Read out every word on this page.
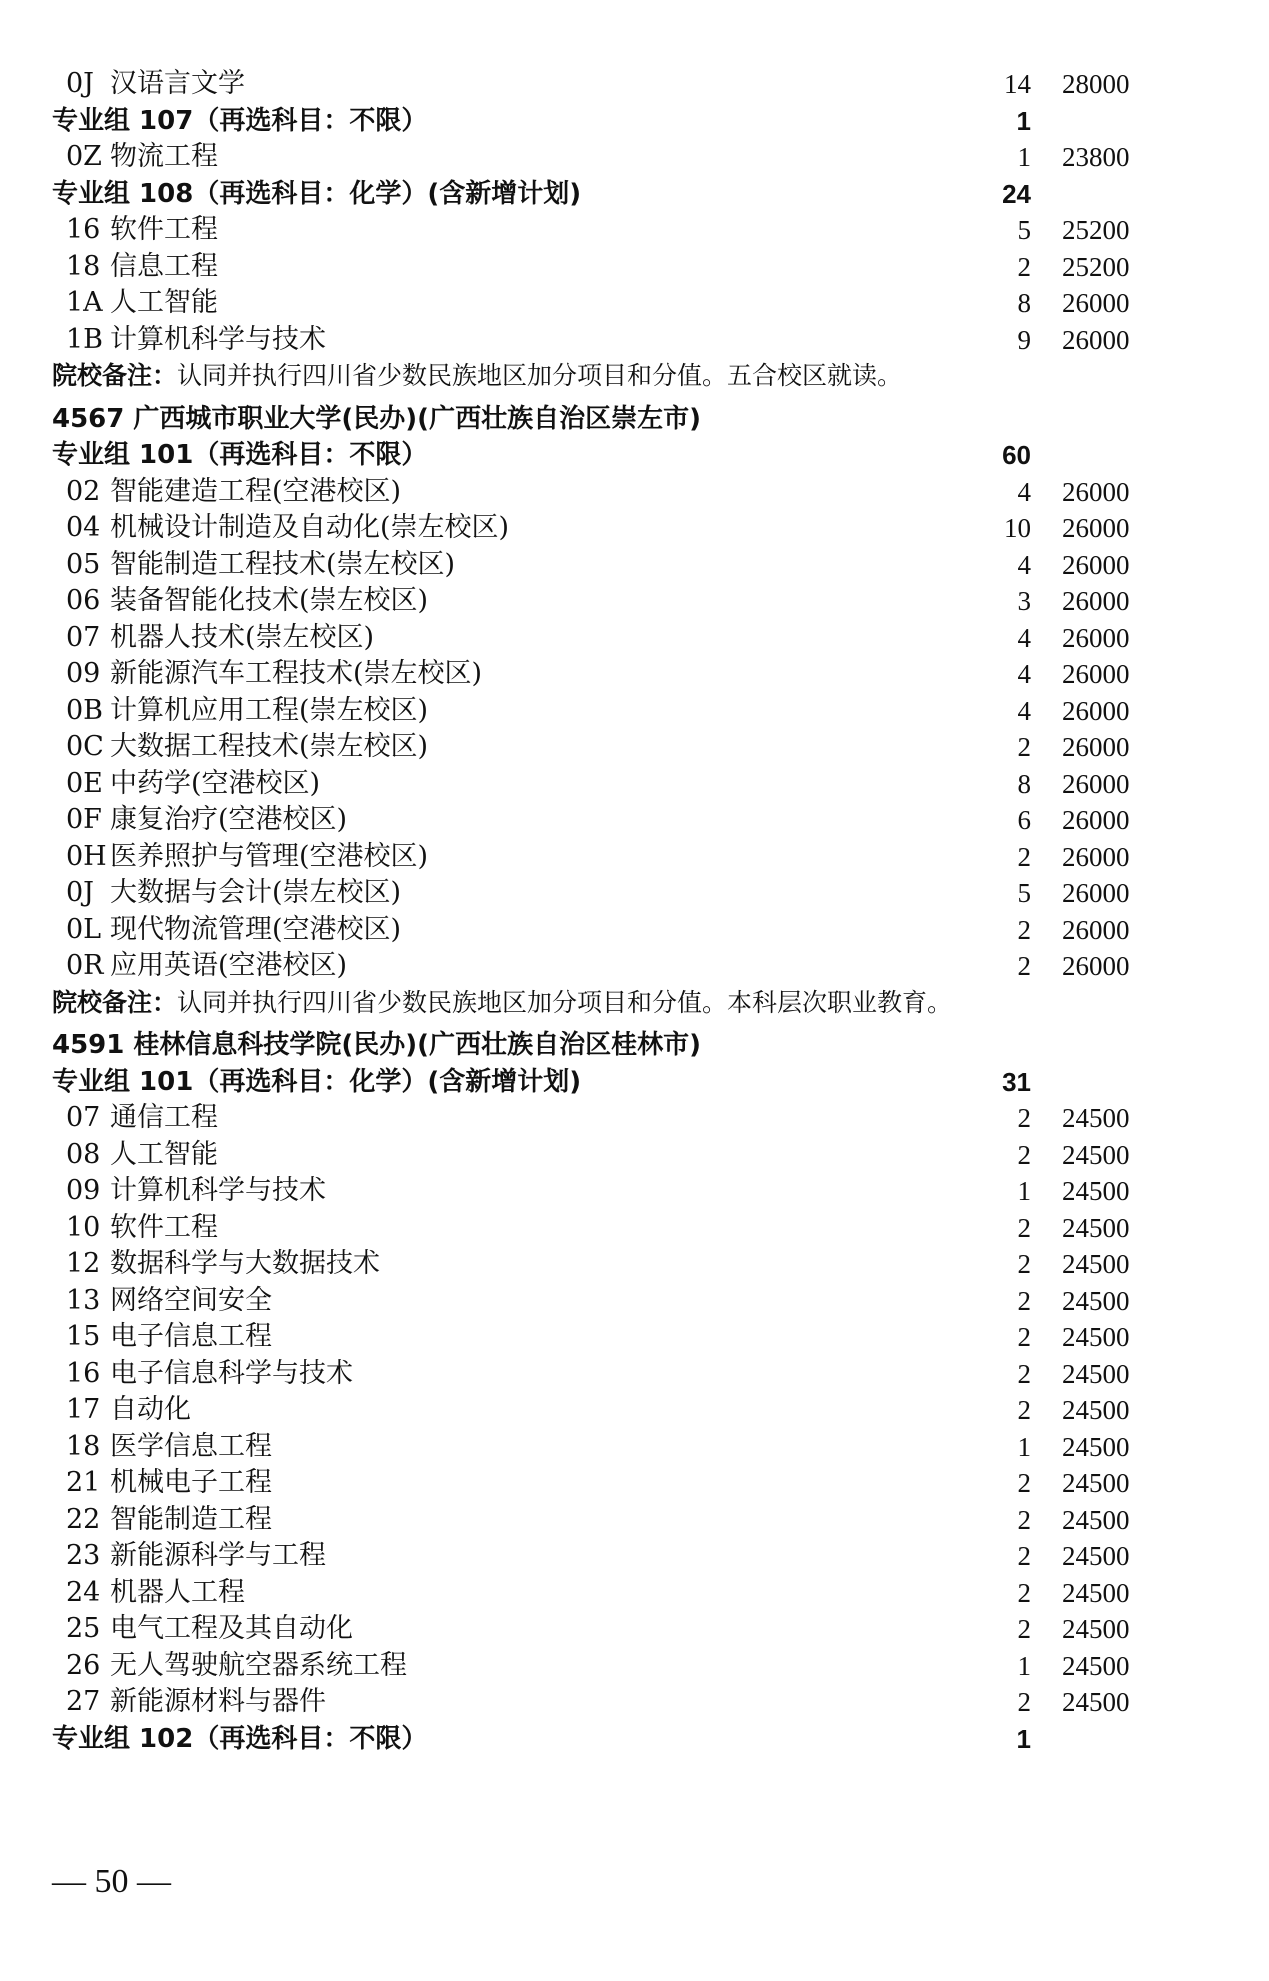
0J 汉语言文学	14 28000
专业组 107（再选科目：不限）	1
0Z 物流工程	1 23800
专业组 108（再选科目：化学）(含新增计划)	24
16 软件工程	5 25200
18 信息工程	2 25200
1A 人工智能	8 26000
1B 计算机科学与技术	9 26000
院校备注：认同并执行四川省少数民族地区加分项目和分值。五合校区就读。
4567 广西城市职业大学(民办)(广西壮族自治区崇左市)
专业组 101（再选科目：不限）	60
02 智能建造工程(空港校区)	4 26000
04 机械设计制造及自动化(崇左校区)	10 26000
05 智能制造工程技术(崇左校区)	4 26000
06 装备智能化技术(崇左校区)	3 26000
07 机器人技术(崇左校区)	4 26000
09 新能源汽车工程技术(崇左校区)	4 26000
0B 计算机应用工程(崇左校区)	4 26000
0C 大数据工程技术(崇左校区)	2 26000
0E 中药学(空港校区)	8 26000
0F 康复治疗(空港校区)	6 26000
0H 医养照护与管理(空港校区)	2 26000
0J 大数据与会计(崇左校区)	5 26000
0L 现代物流管理(空港校区)	2 26000
0R 应用英语(空港校区)	2 26000
院校备注：认同并执行四川省少数民族地区加分项目和分值。本科层次职业教育。
4591 桂林信息科技学院(民办)(广西壮族自治区桂林市)
专业组 101（再选科目：化学）(含新增计划)	31
07 通信工程	2 24500
08 人工智能	2 24500
09 计算机科学与技术	1 24500
10 软件工程	2 24500
12 数据科学与大数据技术	2 24500
13 网络空间安全	2 24500
15 电子信息工程	2 24500
16 电子信息科学与技术	2 24500
17 自动化	2 24500
18 医学信息工程	1 24500
21 机械电子工程	2 24500
22 智能制造工程	2 24500
23 新能源科学与工程	2 24500
24 机器人工程	2 24500
25 电气工程及其自动化	2 24500
26 无人驾驶航空器系统工程	1 24500
27 新能源材料与器件	2 24500
专业组 102（再选科目：不限）	1
— 50 —
